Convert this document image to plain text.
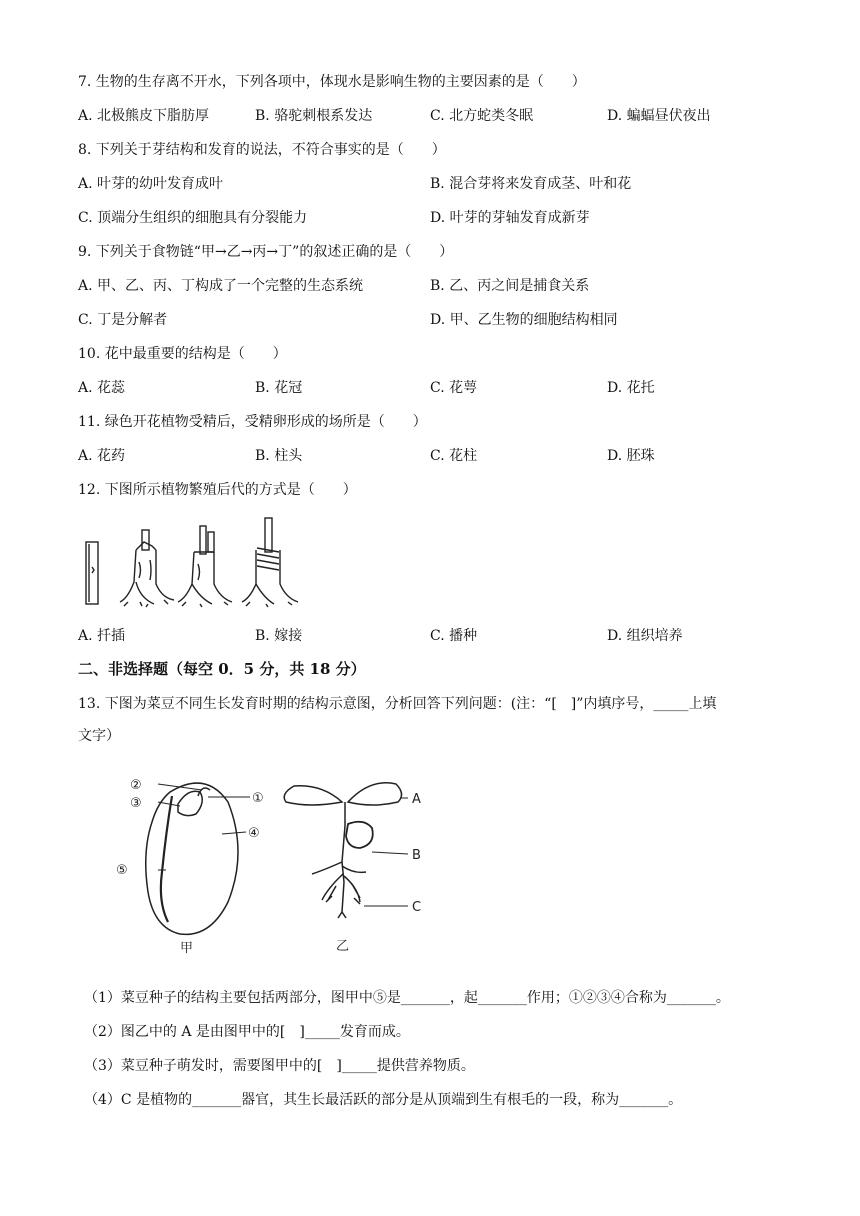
7. 生物的生存离不开水，下列各项中，体现水是影响生物的主要因素的是（　　）
A. 北极熊皮下脂肪厚	B. 骆驼刺根系发达	C. 北方蛇类冬眠	D. 蝙蝠昼伏夜出
8. 下列关于芽结构和发育的说法，不符合事实的是（　　）
A. 叶芽的幼叶发育成叶	B. 混合芽将来发育成茎、叶和花
C. 顶端分生组织的细胞具有分裂能力	D. 叶芽的芽轴发育成新芽
9. 下列关于食物链“甲→乙→丙→丁”的叙述正确的是（　　）
A. 甲、乙、丙、丁构成了一个完整的生态系统	B. 乙、丙之间是捕食关系
C. 丁是分解者	D. 甲、乙生物的细胞结构相同
10. 花中最重要的结构是（　　）
A. 花蕊	B. 花冠	C. 花萼	D. 花托
11. 绿色开花植物受精后，受精卵形成的场所是（　　）
A. 花药	B. 柱头	C. 花柱	D. 胚珠
12. 下图所示植物繁殖后代的方式是（　　）
A. 扦插	B. 嫁接	C. 播种	D. 组织培养
二、非选择题（每空 0．5 分，共 18 分）
13. 下图为菜豆不同生长发育时期的结构示意图，分析回答下列问题：(注：“[　]”内填序号，_____上填
文字）
②
③	①
④
⑤
甲
A
B
C
乙
（1）菜豆种子的结构主要包括两部分，图甲中⑤是_______，起_______作用；①②③④合称为_______。
（2）图乙中的 A 是由图甲中的[　]_____发育而成。
（3）菜豆种子萌发时，需要图甲中的[　]_____提供营养物质。
（4）C 是植物的_______器官，其生长最活跃的部分是从顶端到生有根毛的一段，称为_______。
